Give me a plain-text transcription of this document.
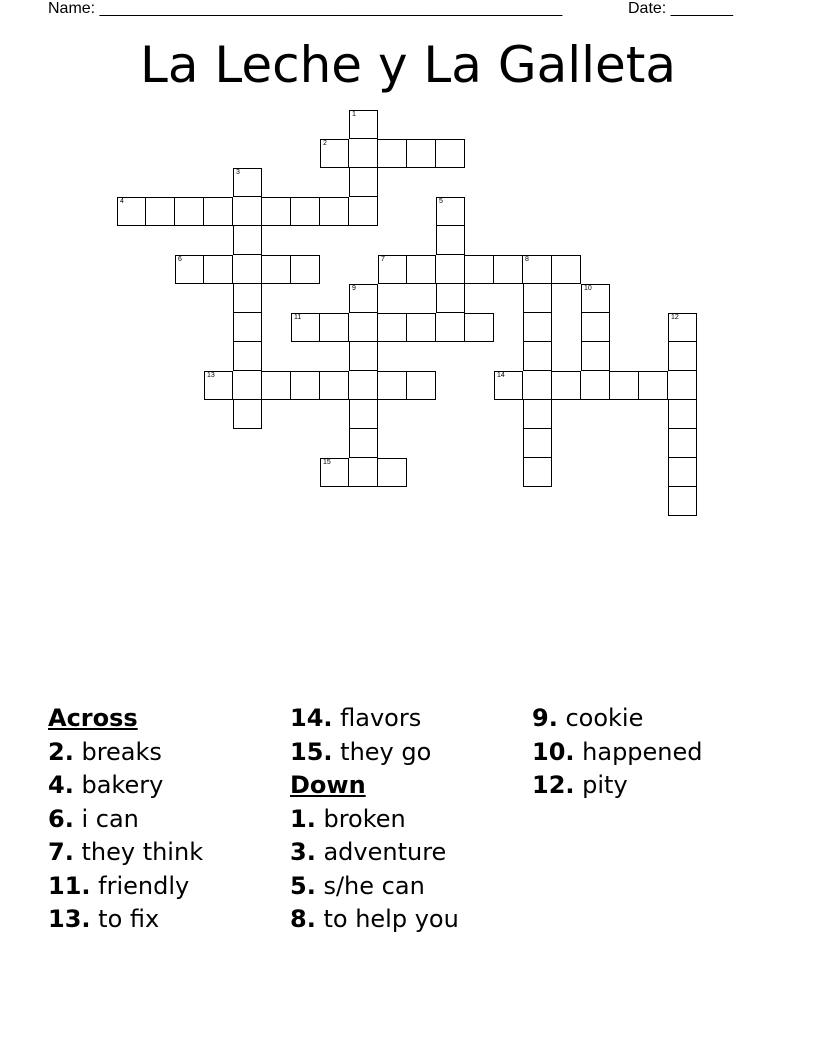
Name: ____________________________________________________	Date: _______
La Leche y La Galleta
2
4
6	7	8
11
13	14
15
1
3
5
9	10
12
Across
2. breaks
4. bakery
6. i can
7. they think
11. friendly
13. to fix
14. flavors
15. they go
Down
1. broken
3. adventure
5. s/he can
8. to help you
9. cookie
10. happened
12. pity
